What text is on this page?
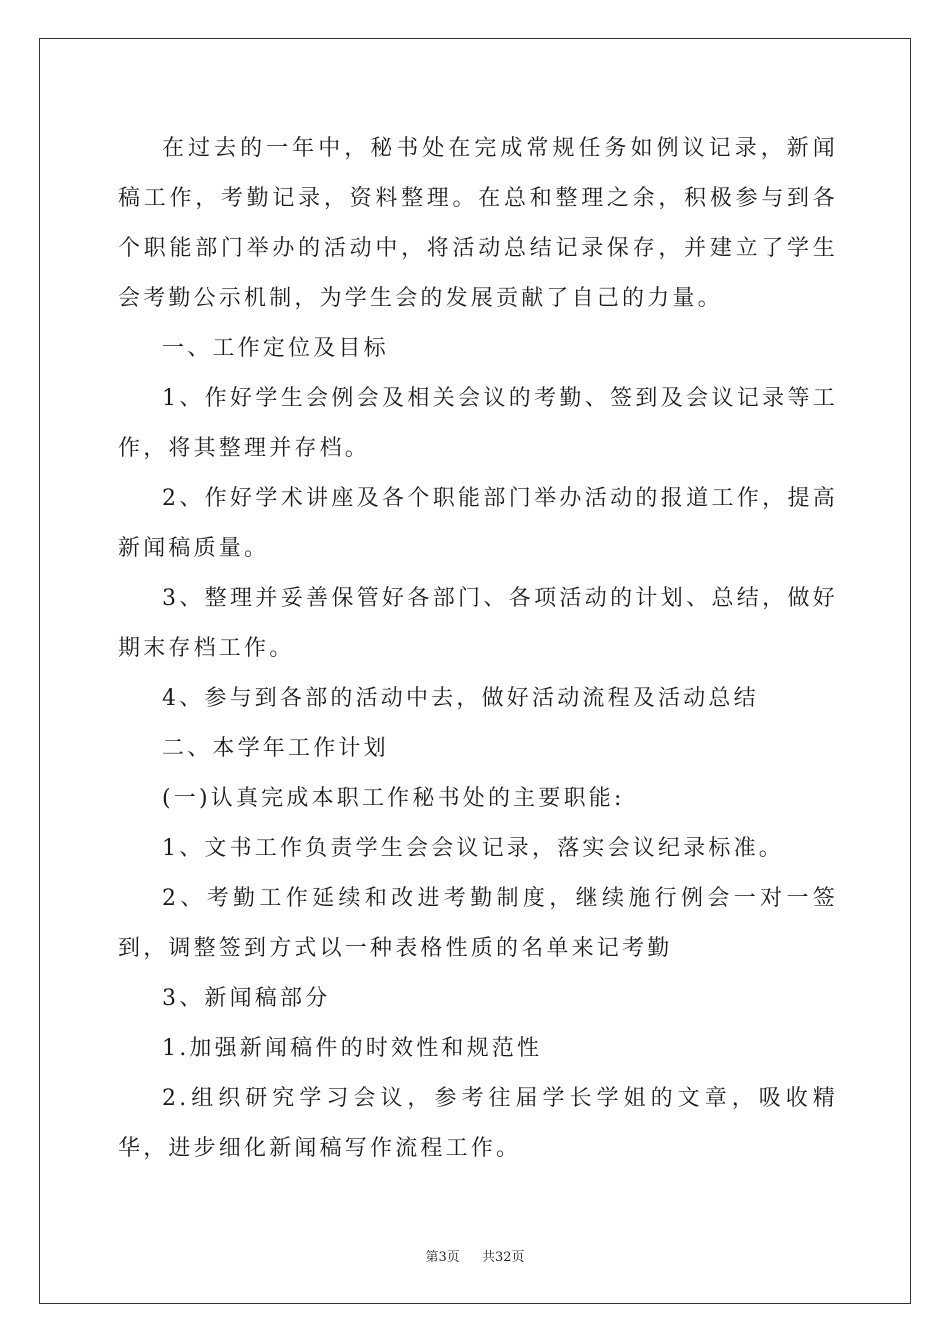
在过去的一年中，秘书处在完成常规任务如例议记录，新闻稿工作，考勤记录，资料整理。在总和整理之余，积极参与到各个职能部门举办的活动中，将活动总结记录保存，并建立了学生会考勤公示机制，为学生会的发展贡献了自己的力量。

一、工作定位及目标

1、作好学生会例会及相关会议的考勤、签到及会议记录等工作，将其整理并存档。

2、作好学术讲座及各个职能部门举办活动的报道工作，提高新闻稿质量。

3、整理并妥善保管好各部门、各项活动的计划、总结，做好期末存档工作。

4、参与到各部的活动中去，做好活动流程及活动总结

二、本学年工作计划

(一)认真完成本职工作秘书处的主要职能:

1、文书工作负责学生会会议记录，落实会议纪录标准。

2、考勤工作延续和改进考勤制度，继续施行例会一对一签到，调整签到方式以一种表格性质的名单来记考勤

3、新闻稿部分

1.加强新闻稿件的时效性和规范性

2.组织研究学习会议，参考往届学长学姐的文章，吸收精华，进步细化新闻稿写作流程工作。

第3页 共32页
